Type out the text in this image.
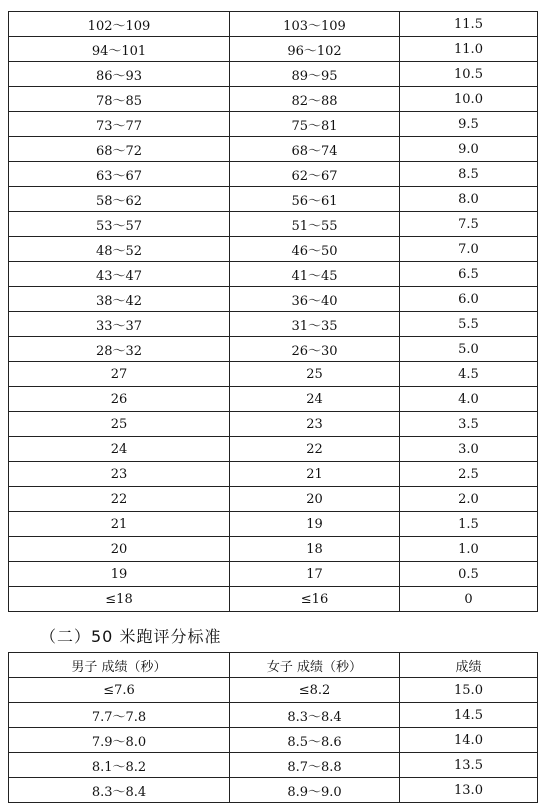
102～109	103～109	11.5
94～101	96～102	11.0
86～93	89～95	10.5
78～85	82～88	10.0
73～77	75～81	9.5
68～72	68～74	9.0
63～67	62～67	8.5
58～62	56～61	8.0
53～57	51～55	7.5
48～52	46～50	7.0
43～47	41～45	6.5
38～42	36～40	6.0
33～37	31～35	5.5
28～32	26～30	5.0
27	25	4.5
26	24	4.0
25	23	3.5
24	22	3.0
23	21	2.5
22	20	2.0
21	19	1.5
20	18	1.0
19	17	0.5
≤18	≤16	0
（二）50 米跑评分标准
男子 成绩（秒）	女子 成绩（秒）	成绩
≤7.6	≤8.2	15.0
7.7～7.8	8.3～8.4	14.5
7.9～8.0	8.5～8.6	14.0
8.1～8.2	8.7～8.8	13.5
8.3～8.4	8.9～9.0	13.0
